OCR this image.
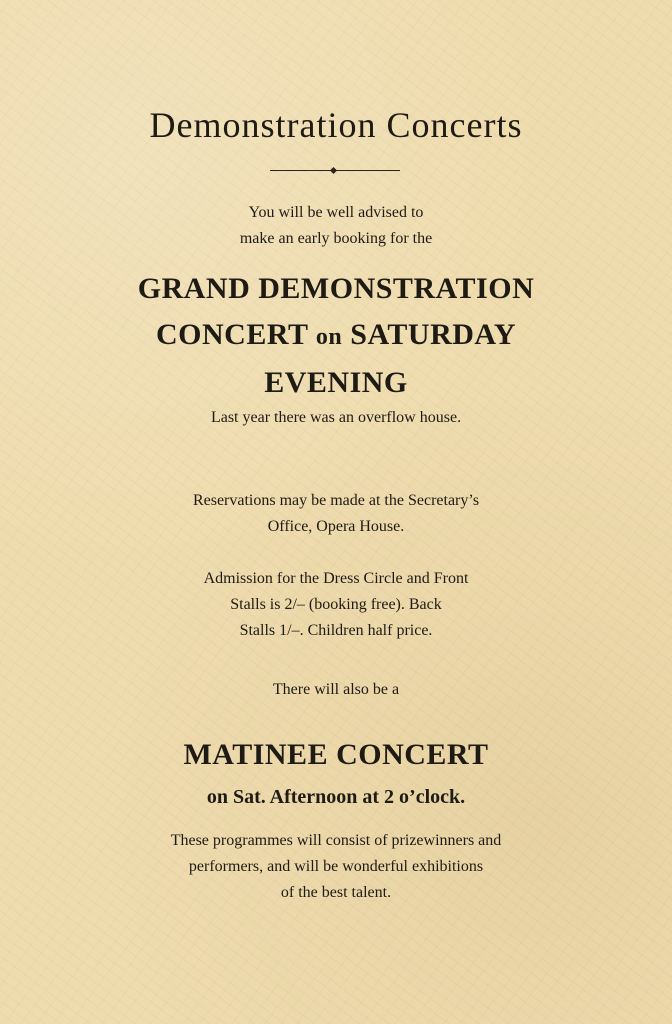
Demonstration Concerts
You will be well advised to
make an early booking for the
GRAND DEMONSTRATION
CONCERT on SATURDAY
EVENING
Last year there was an overflow house.
Reservations may be made at the Secretary’s
Office, Opera House.
Admission for the Dress Circle and Front
Stalls is 2/– (booking free). Back
Stalls 1/–. Children half price.
There will also be a
MATINEE CONCERT
on Sat. Afternoon at 2 o’clock.
These programmes will consist of prizewinners and
performers, and will be wonderful exhibitions
of the best talent.
